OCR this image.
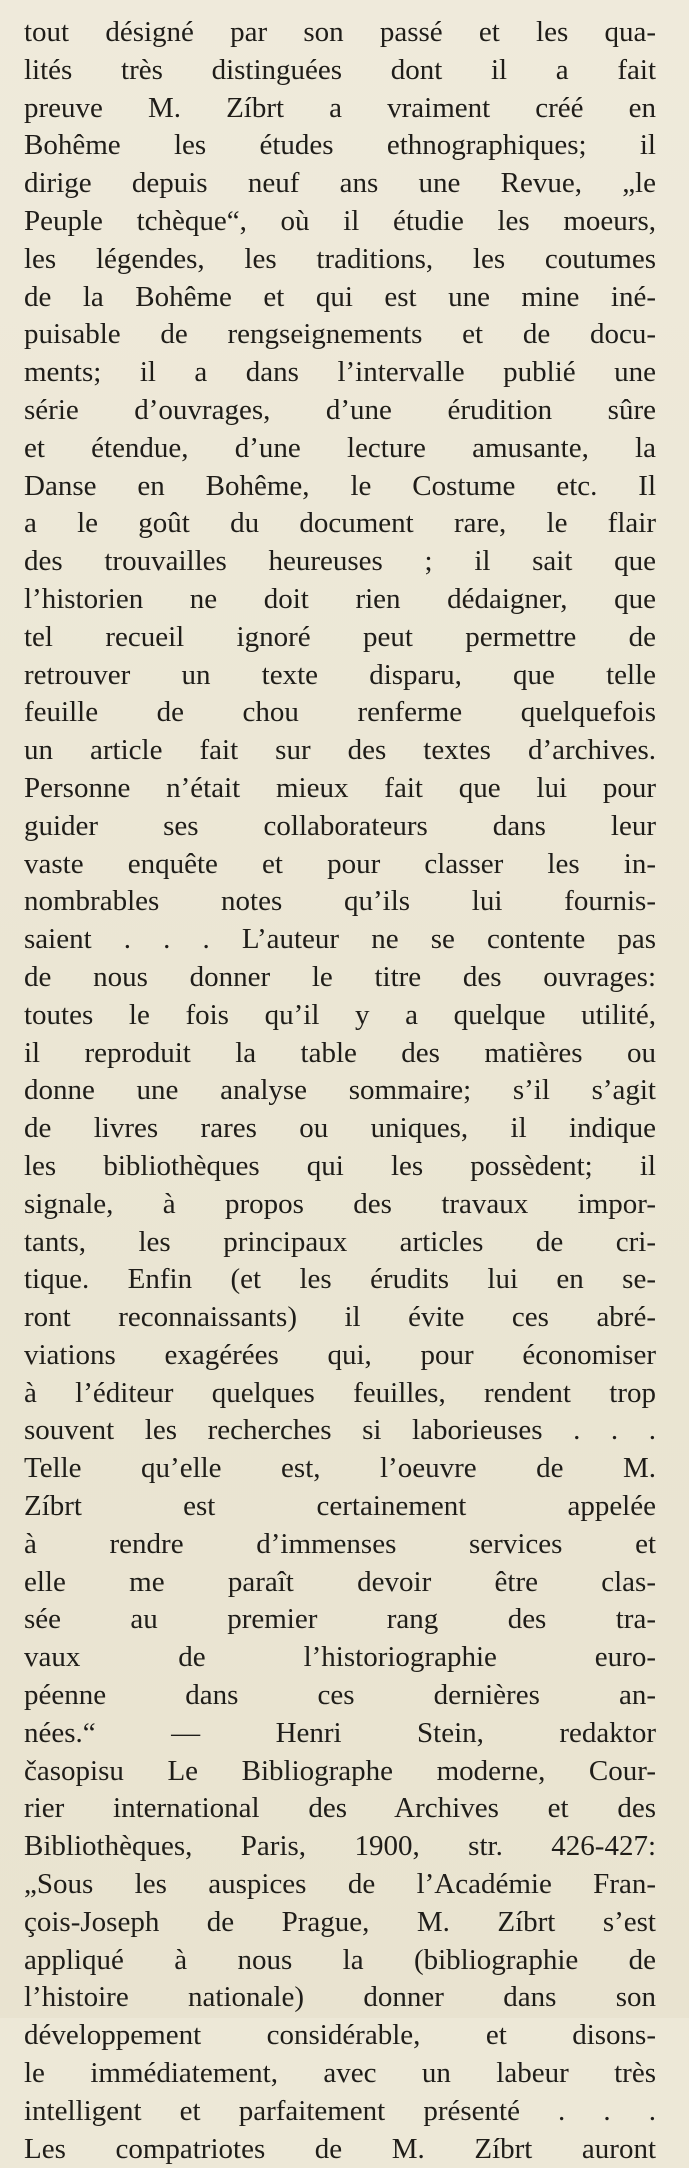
tout désigné par son passé et les qua-
lités très distinguées dont il a fait
preuve M. Zíbrt a vraiment créé en
Bohême les études ethnographiques; il
dirige depuis neuf ans une Revue, „le
Peuple tchèque“, où il étudie les moeurs,
les légendes, les traditions, les coutumes
de la Bohême et qui est une mine iné-
puisable de rengseignements et de docu-
ments; il a dans l’intervalle publié une
série d’ouvrages, d’une érudition sûre
et étendue, d’une lecture amusante, la
Danse en Bohême, le Costume etc. Il
a le goût du document rare, le flair
des trouvailles heureuses ; il sait que
l’historien ne doit rien dédaigner, que
tel recueil ignoré peut permettre de
retrouver un texte disparu, que telle
feuille de chou renferme quelquefois
un article fait sur des textes d’archives.
Personne n’était mieux fait que lui pour
guider ses collaborateurs dans leur
vaste enquête et pour classer les in-
nombrables notes qu’ils lui fournis-
saient . . . L’auteur ne se contente pas
de nous donner le titre des ouvrages:
toutes le fois qu’il y a quelque utilité,
il reproduit la table des matières ou
donne une analyse sommaire; s’il s’agit
de livres rares ou uniques, il indique
les bibliothèques qui les possèdent; il
signale, à propos des travaux impor-
tants, les principaux articles de cri-
tique. Enfin (et les érudits lui en se-
ront reconnaissants) il évite ces abré-
viations exagérées qui, pour économiser
à l’éditeur quelques feuilles, rendent trop
souvent les recherches si laborieuses . . .
Telle qu’elle est, l’oeuvre de M.
Zíbrt est certainement appelée
à rendre d’immenses services et
elle me paraît devoir être clas-
sée au premier rang des tra-
vaux de l’historiographie euro-
péenne dans ces dernières an-
nées.“ — Henri Stein, redaktor
časopisu Le Bibliographe moderne, Cour-
rier international des Archives et des
Bibliothèques, Paris, 1900, str. 426-427:
„Sous les auspices de l’Académie Fran-
çois-Joseph de Prague, M. Zíbrt s’est
appliqué à nous la (bibliographie de
l’histoire nationale) donner dans son
développement considérable, et disons-
le immédiatement, avec un labeur très
intelligent et parfaitement présenté . . .
Les compatriotes de M. Zíbrt auront
